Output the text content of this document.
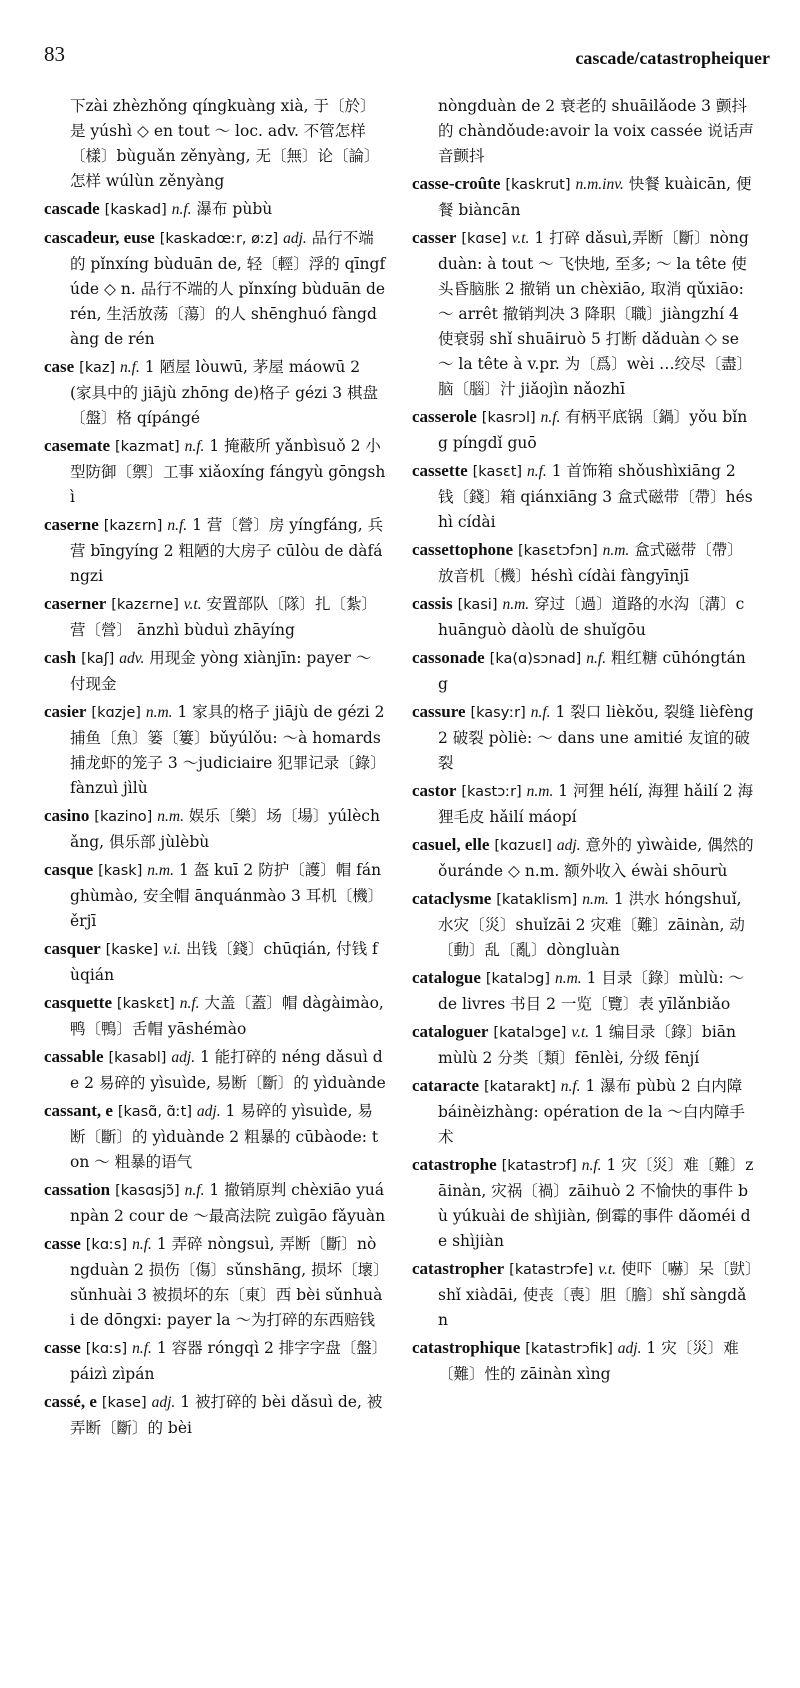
83	cascade/catastropheiquer

下zài zhèzhǒng qíngkuàng xià, 于〔於〕是 yúshì ◇ en tout ～ loc. adv. 不管怎样〔樣〕bùguǎn zěnyàng, 无〔無〕论〔論〕怎样 wúlùn zěnyàng

cascade [kaskad] n.f. 瀑布 pùbù

cascadeur, euse [kaskadœːr, øːz] adj. 品行不端的 pǐnxíng bùduān de, 轻〔輕〕浮的 qīngfúde ◇ n. 品行不端的人 pǐnxíng bùduān de rén, 生活放荡〔蕩〕的人 shēnghuó fàngdàng de rén

case [kaz] n.f. 1 陋屋 lòuwū, 茅屋 máowū 2 (家具中的 jiājù zhōng de)格子 gézi 3 棋盘〔盤〕格 qípángé

casemate [kazmat] n.f. 1 掩蔽所 yǎnbìsuǒ 2 小型防御〔禦〕工事 xiǎoxíng fángyù gōngshì

caserne [kazɛrn] n.f. 1 营〔營〕房 yíngfáng, 兵营 bīngyíng 2 粗陋的大房子 cūlòu de dàfángzi

caserner [kazɛrne] v.t. 安置部队〔隊〕扎〔紮〕营〔營〕 ānzhì bùduì zhāyíng

cash [kaʃ] adv. 用现金 yòng xiànjīn: payer ～付现金

casier [kɑzje] n.m. 1 家具的格子 jiājù de gézi 2 捕鱼〔魚〕篓〔簍〕bǔyúlǒu: ～à homards捕龙虾的笼子 3 ～judiciaire 犯罪记录〔錄〕fànzuì jìlù

casino [kazino] n.m. 娱乐〔樂〕场〔場〕yúlèchǎng, 俱乐部 jùlèbù

casque [kask] n.m. 1 盔 kuī 2 防护〔護〕帽 fánghùmào, 安全帽 ānquánmào 3 耳机〔機〕ěrjī

casquer [kaske] v.i. 出钱〔錢〕chūqián, 付钱 fùqián

casquette [kaskɛt] n.f. 大盖〔蓋〕帽 dàgàimào, 鸭〔鴨〕舌帽 yāshémào

cassable [kasabl] adj. 1 能打碎的 néng dǎsuì de 2 易碎的 yìsuìde, 易断〔斷〕的 yìduànde

cassant, e [kasɑ̃, ɑ̃ːt] adj. 1 易碎的 yìsuìde, 易断〔斷〕的 yìduànde 2 粗暴的 cūbàode: ton ～ 粗暴的语气

cassation [kasɑsjɔ̃] n.f. 1 撤销原判 chèxiāo yuánpàn 2 cour de ～最高法院 zuìgāo fǎyuàn

casse [kɑːs] n.f. 1 弄碎 nòngsuì, 弄断〔斷〕nòngduàn 2 损伤〔傷〕sǔnshāng, 损坏〔壞〕sǔnhuài 3 被损坏的东〔東〕西 bèi sǔnhuài de dōngxi: payer la ～为打碎的东西赔钱

casse [kɑːs] n.f. 1 容器 róngqì 2 排字字盘〔盤〕páizì zìpán

cassé, e [kase] adj. 1 被打碎的 bèi dǎsuì de, 被弄断〔斷〕的 bèi

nòngduàn de 2 衰老的 shuāilǎode 3 颤抖的 chàndǒude:avoir la voix cassée 说话声音颤抖

casse-croûte [kaskrut] n.m.inv. 快餐 kuàicān, 便餐 biàncān

casser [kɑse] v.t. 1 打碎 dǎsuì,弄断〔斷〕nòngduàn: à tout ～ 飞快地, 至多; ～ la tête 使头昏脑胀 2 撤销 un chèxiāo, 取消 qǔxiāo: ～ arrêt 撤销判决 3 降职〔職〕jiàngzhí 4 使衰弱 shǐ shuāiruò 5 打断 dǎduàn ◇ se ～ la tête à v.pr. 为〔爲〕wèi …绞尽〔盡〕脑〔腦〕汁 jiǎojìn nǎozhī

casserole [kasrɔl] n.f. 有柄平底锅〔鍋〕yǒu bǐng píngdǐ guō

cassette [kasɛt] n.f. 1 首饰箱 shǒushìxiāng 2 钱〔錢〕箱 qiánxiāng 3 盒式磁带〔帶〕héshì cídài

cassettophone [kasɛtɔfɔn] n.m. 盒式磁带〔帶〕放音机〔機〕héshì cídài fàngyīnjī

cassis [kasi] n.m. 穿过〔過〕道路的水沟〔溝〕chuānguò dàolù de shuǐgōu

cassonade [ka(ɑ)sɔnad] n.f. 粗红糖 cūhóngtáng

cassure [kasyːr] n.f. 1 裂口 lièkǒu, 裂缝 lièfèng 2 破裂 pòliè: ～ dans une amitié 友谊的破裂

castor [kastɔːr] n.m. 1 河狸 hélí, 海狸 hǎilí 2 海狸毛皮 hǎilí máopí

casuel, elle [kɑzuɛl] adj. 意外的 yìwàide, 偶然的 ǒuránde ◇ n.m. 额外收入 éwài shōurù

cataclysme [kataklism] n.m. 1 洪水 hóngshuǐ, 水灾〔災〕shuǐzāi 2 灾难〔難〕zāinàn, 动〔動〕乱〔亂〕dòngluàn

catalogue [katalɔg] n.m. 1 目录〔錄〕mùlù: ～de livres 书目 2 一览〔覽〕表 yīlǎnbiǎo

cataloguer [katalɔge] v.t. 1 编目录〔錄〕biān mùlù 2 分类〔類〕fēnlèi, 分级 fēnjí

cataracte [katarakt] n.f. 1 瀑布 pùbù 2 白内障 báinèizhàng: opération de la ～白内障手术

catastrophe [katastrɔf] n.f. 1 灾〔災〕难〔難〕zāinàn, 灾祸〔禍〕zāihuò 2 不愉快的事件 bù yúkuài de shìjiàn, 倒霉的事件 dǎoméi de shìjiàn

catastropher [katastrɔfe] v.t. 使吓〔嚇〕呆〔獃〕shǐ xiàdāi, 使丧〔喪〕胆〔膽〕shǐ sàngdǎn

catastrophique [katastrɔfik] adj. 1 灾〔災〕难〔難〕性的 zāinàn xìng
